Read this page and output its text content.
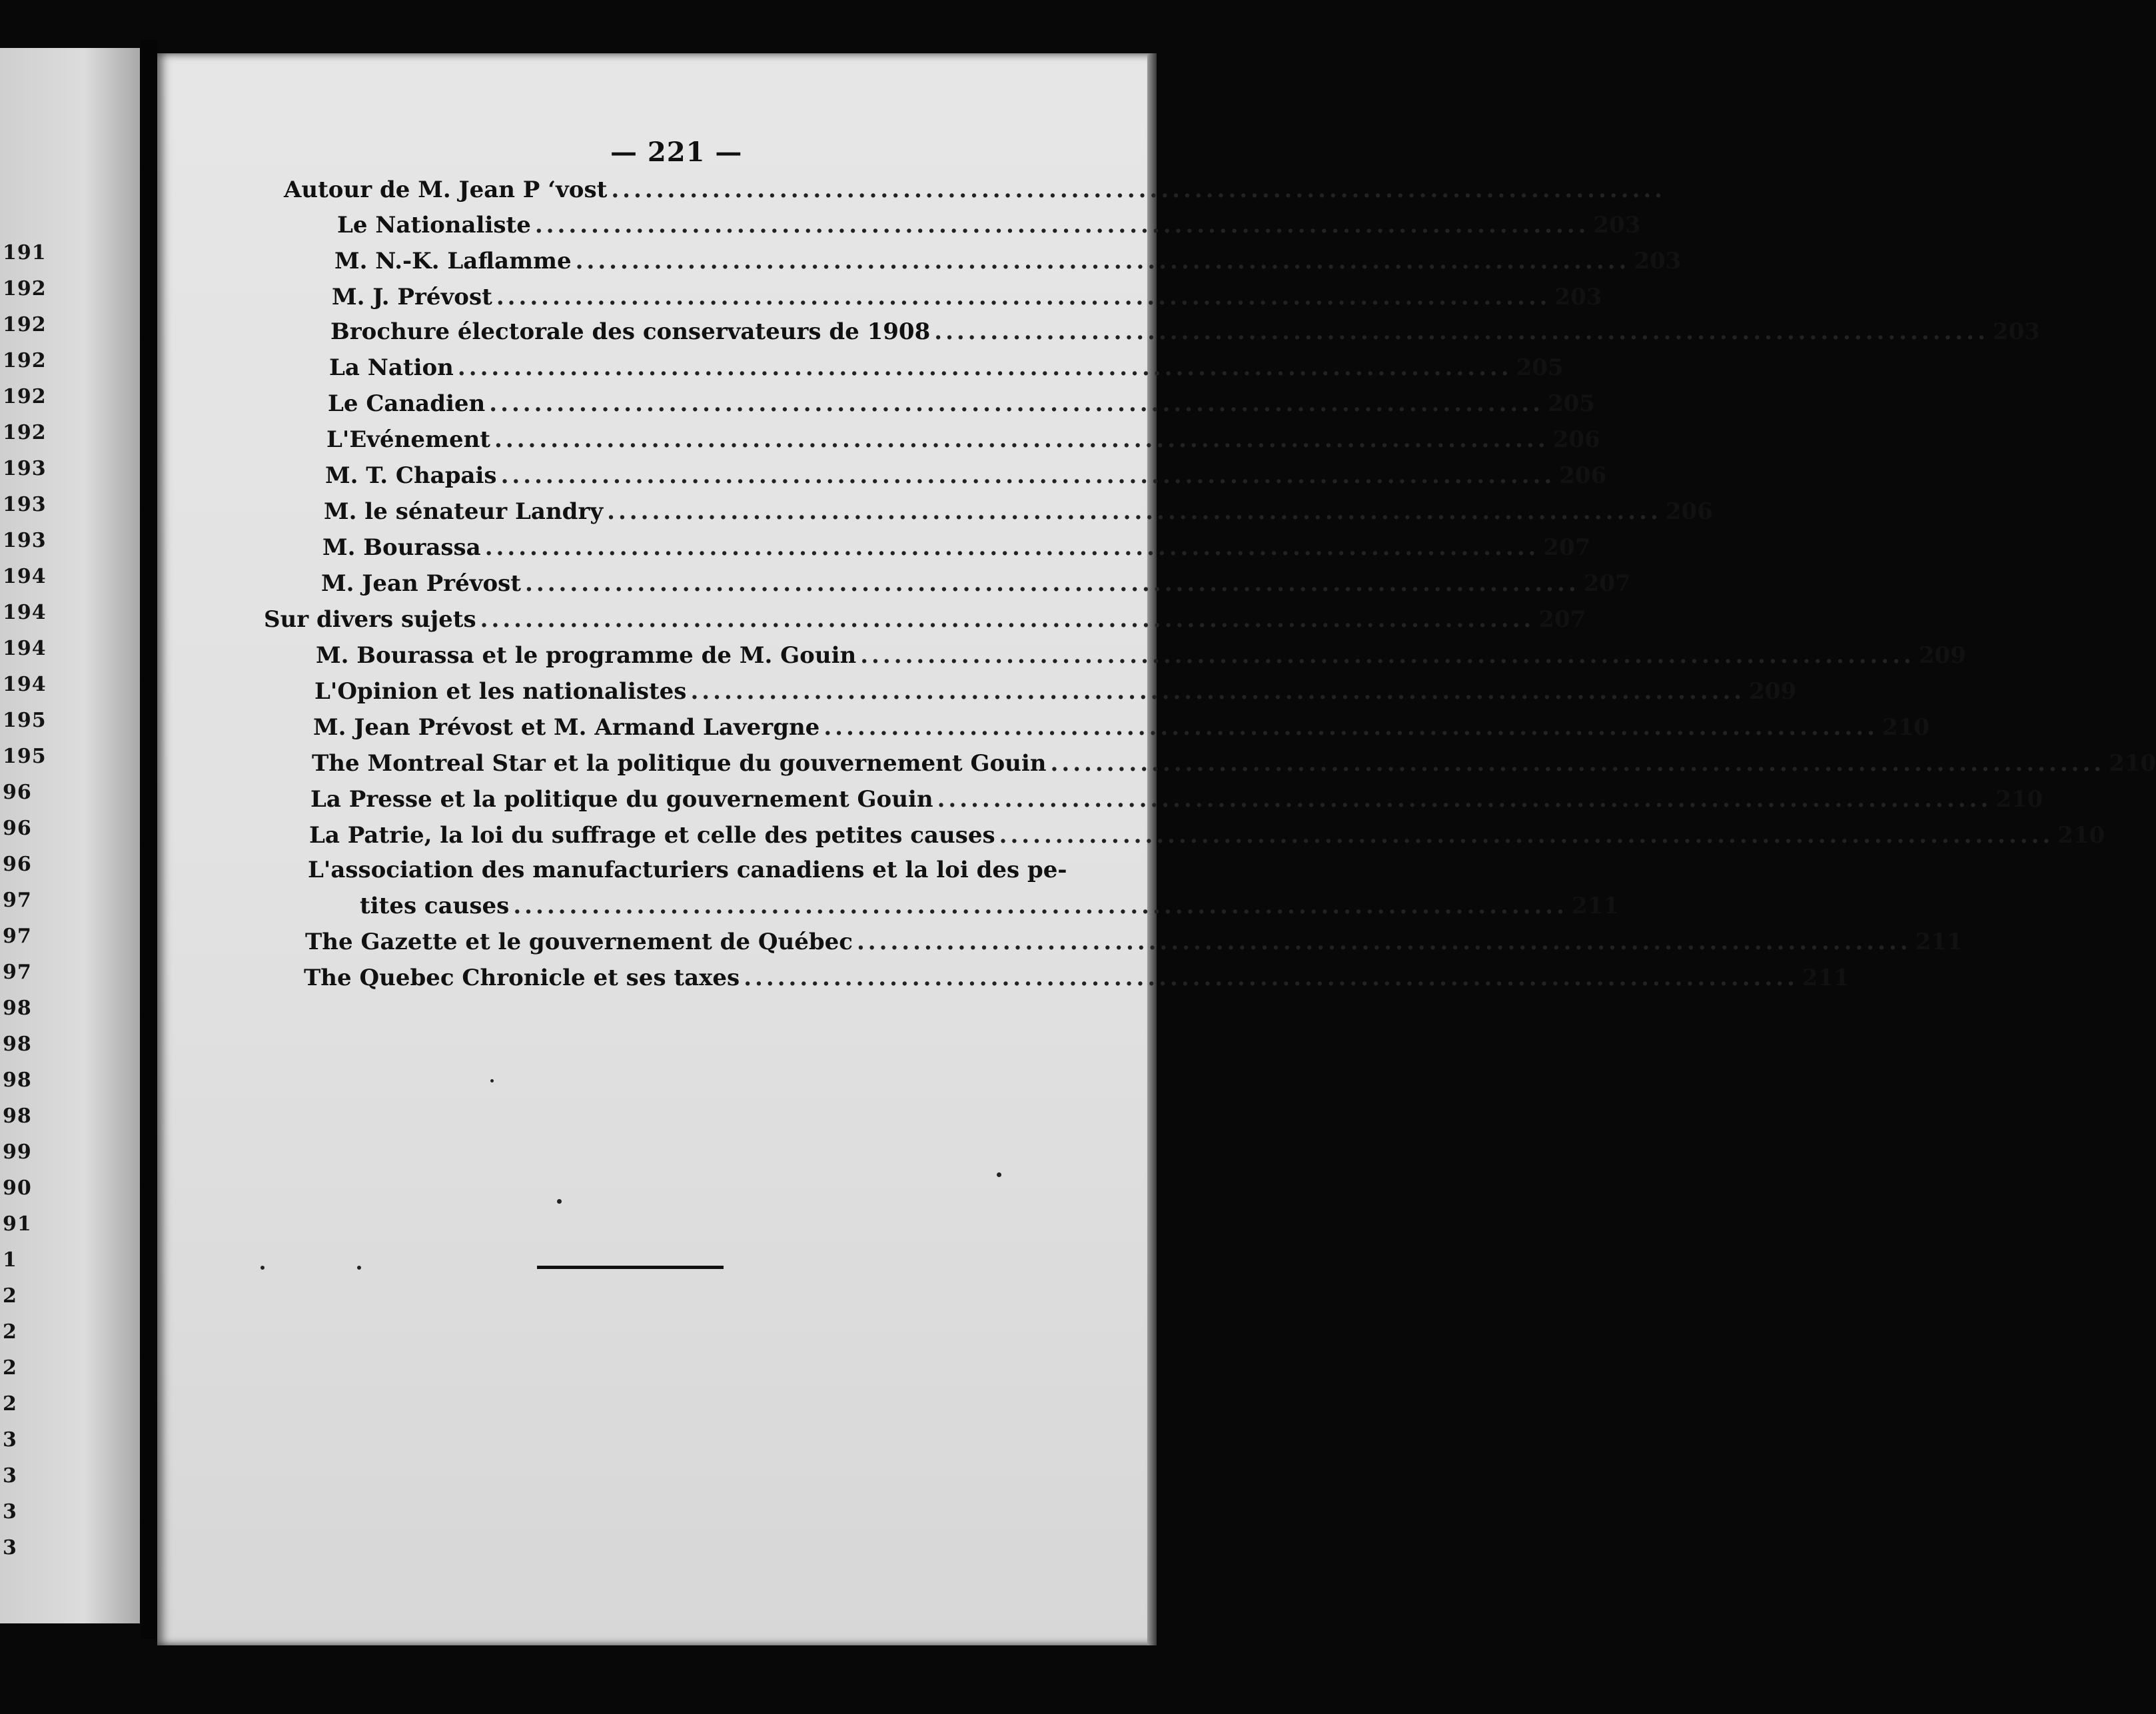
191
192
192
192
192
192
193
193
193
194
194
194
194
195
195
96
96
96
97
97
97
98
98
98
98
99
90
91
1
2
2
2
2
3
3
3
3
— 221 —
Autour de M. Jean P ‘vost ..............................................................................................
Le Nationaliste .............................................................................................. 203
M. N.-K. Laflamme .............................................................................................. 203
M. J. Prévost .............................................................................................. 203
Brochure électorale des conservateurs de 1908 .............................................................................................. 203
La Nation .............................................................................................. 205
Le Canadien .............................................................................................. 205
L'Evénement .............................................................................................. 206
M. T. Chapais .............................................................................................. 206
M. le sénateur Landry .............................................................................................. 206
M. Bourassa .............................................................................................. 207
M. Jean Prévost .............................................................................................. 207
Sur divers sujets .............................................................................................. 207
M. Bourassa et le programme de M. Gouin .............................................................................................. 209
L'Opinion et les nationalistes .............................................................................................. 209
M. Jean Prévost et M. Armand Lavergne .............................................................................................. 210
The Montreal Star et la politique du gouvernement Gouin .............................................................................................. 210
La Presse et la politique du gouvernement Gouin .............................................................................................. 210
La Patrie, la loi du suffrage et celle des petites causes .............................................................................................. 210
L'association des manufacturiers canadiens et la loi des pe-
tites causes .............................................................................................. 211
The Gazette et le gouvernement de Québec .............................................................................................. 211
The Quebec Chronicle et ses taxes .............................................................................................. 211
